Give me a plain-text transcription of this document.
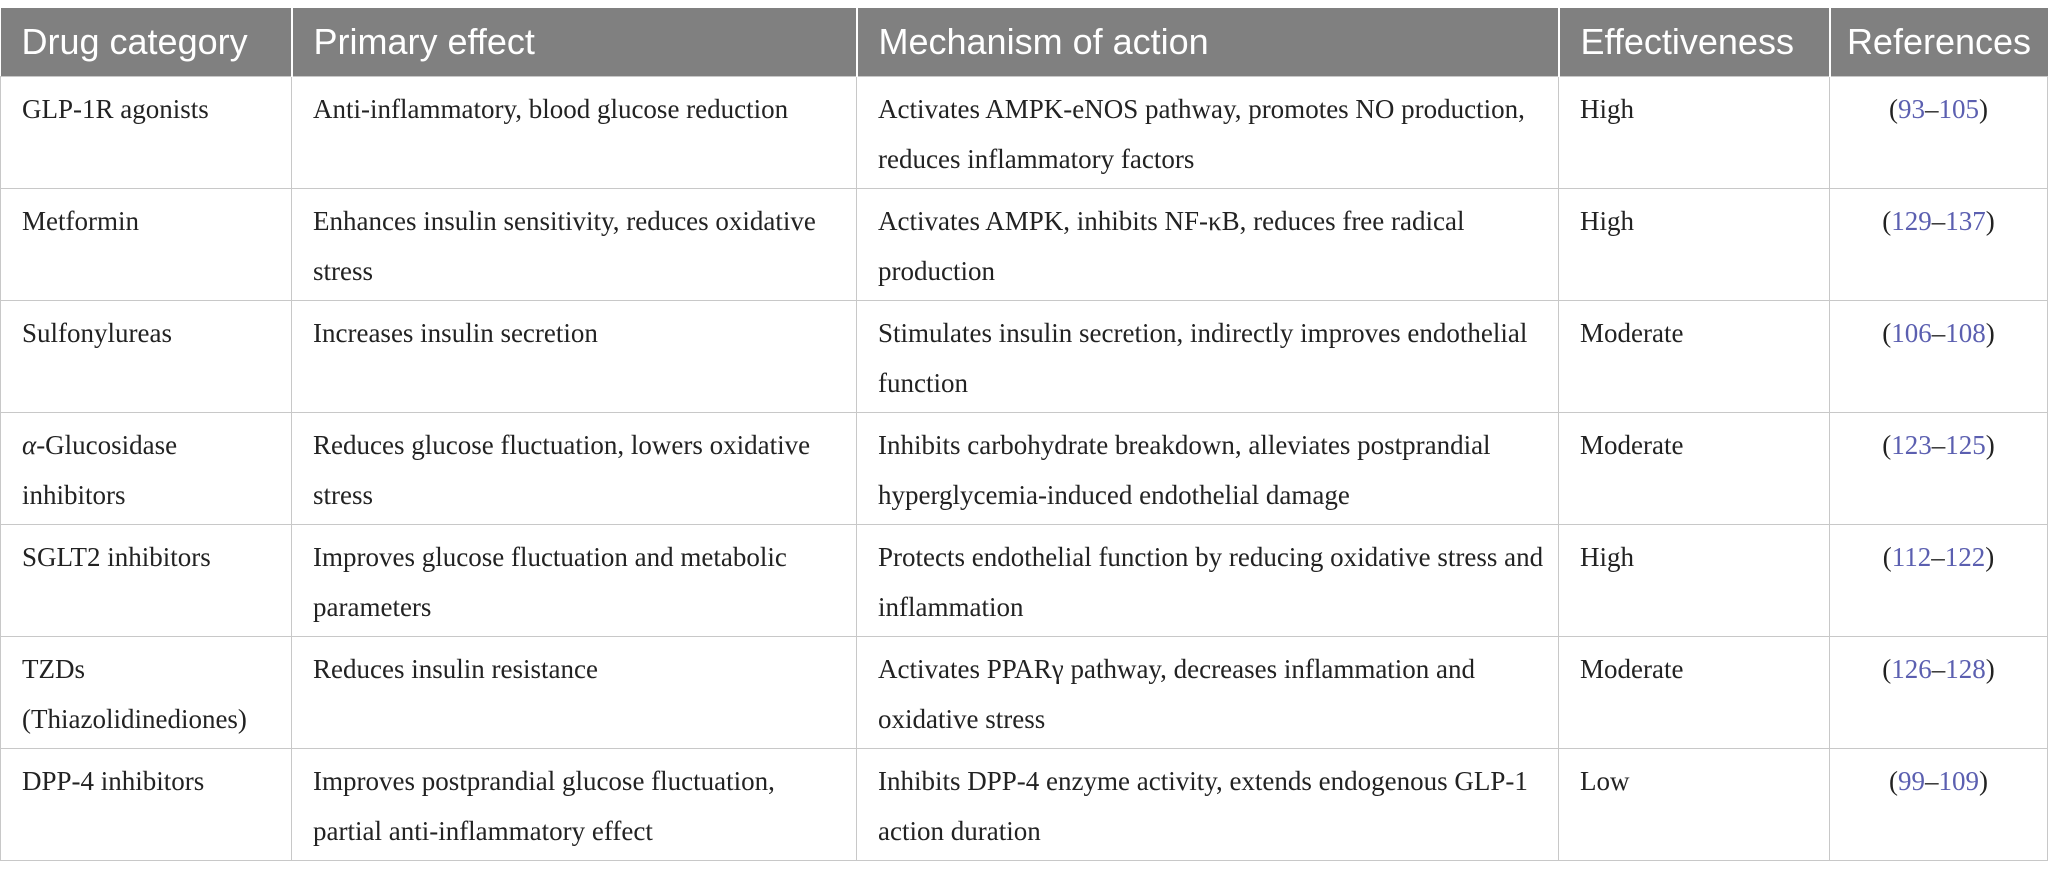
Drug category	Primary effect	Mechanism of action	Effectiveness	References
GLP-1R agonists	Anti-inflammatory, blood glucose reduction	Activates AMPK-eNOS pathway, promotes NO production, reduces inflammatory factors	High	(93–105)
Metformin	Enhances insulin sensitivity, reduces oxidative stress	Activates AMPK, inhibits NF-κB, reduces free radical production	High	(129–137)
Sulfonylureas	Increases insulin secretion	Stimulates insulin secretion, indirectly improves endothelial function	Moderate	(106–108)
α-Glucosidase inhibitors	Reduces glucose fluctuation, lowers oxidative stress	Inhibits carbohydrate breakdown, alleviates postprandial hyperglycemia-induced endothelial damage	Moderate	(123–125)
SGLT2 inhibitors	Improves glucose fluctuation and metabolic parameters	Protects endothelial function by reducing oxidative stress and inflammation	High	(112–122)
TZDs (Thiazolidinediones)	Reduces insulin resistance	Activates PPARγ pathway, decreases inflammation and oxidative stress	Moderate	(126–128)
DPP-4 inhibitors	Improves postprandial glucose fluctuation, partial anti-inflammatory effect	Inhibits DPP-4 enzyme activity, extends endogenous GLP-1 action duration	Low	(99–109)
